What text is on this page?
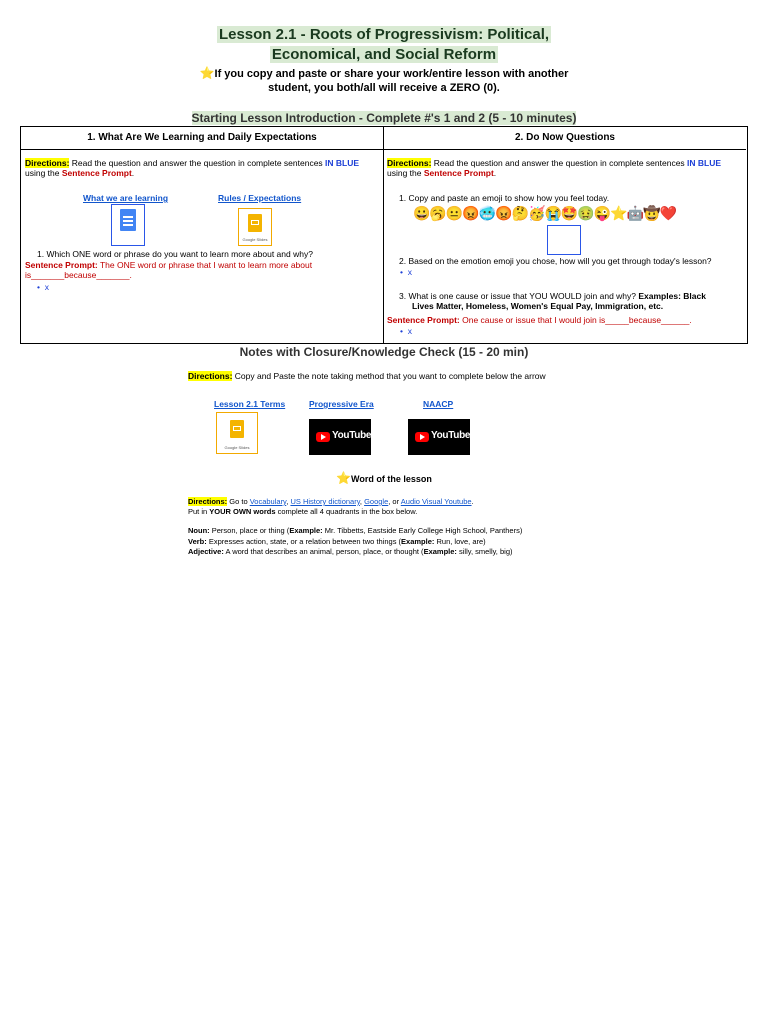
Lesson 2.1 - Roots of Progressivism: Political,
Economical, and Social Reform
⭐If you copy and paste or share your work/entire lesson with another
student, you both/all will receive a ZERO (0).
Starting Lesson Introduction - Complete #'s 1 and 2 (5 - 10 minutes)
1. What Are We Learning and Daily Expectations
Directions: Read the question and answer the question in complete sentences IN BLUE
using the Sentence Prompt.
What we are learning	Rules / Expectations
Google Slides
1. Which ONE word or phrase do you want to learn more about and why?
Sentence Prompt: The ONE word or phrase that I want to learn more about
is_______because_______.
•  x
2. Do Now Questions
Directions: Read the question and answer the question in complete sentences IN BLUE
using the Sentence Prompt.
1. Copy and paste an emoji to show how you feel today.
😀🥱😐😡🥶😡🤔🥳😭🤩🤢😜⭐🤖🤠❤️
2. Based on the emotion emoji you chose, how will you get through today's lesson?
•  x
3. What is one cause or issue that YOU WOULD join and why? Examples: Black
Lives Matter, Homeless, Women's Equal Pay, Immigration, etc.
Sentence Prompt: One cause or issue that I would join is_____because______.
•  x
Notes with Closure/Knowledge Check (15 - 20 min)
Directions: Copy and Paste the note taking method that you want to complete below the arrow
Lesson 2.1 Terms	Progressive Era	NAACP
Google Slides
YouTube	YouTube
⭐Word of the lesson
Directions: Go to Vocabulary, US History dictionary, Google, or Audio Visual Youtube.
Put in YOUR OWN words complete all 4 quadrants in the box below.
Noun: Person, place or thing (Example: Mr. Tibbetts, Eastside Early College High School, Panthers)
Verb: Expresses action, state, or a relation between two things (Example: Run, love, are)
Adjective: A word that describes an animal, person, place, or thought (Example: silly, smelly, big)
